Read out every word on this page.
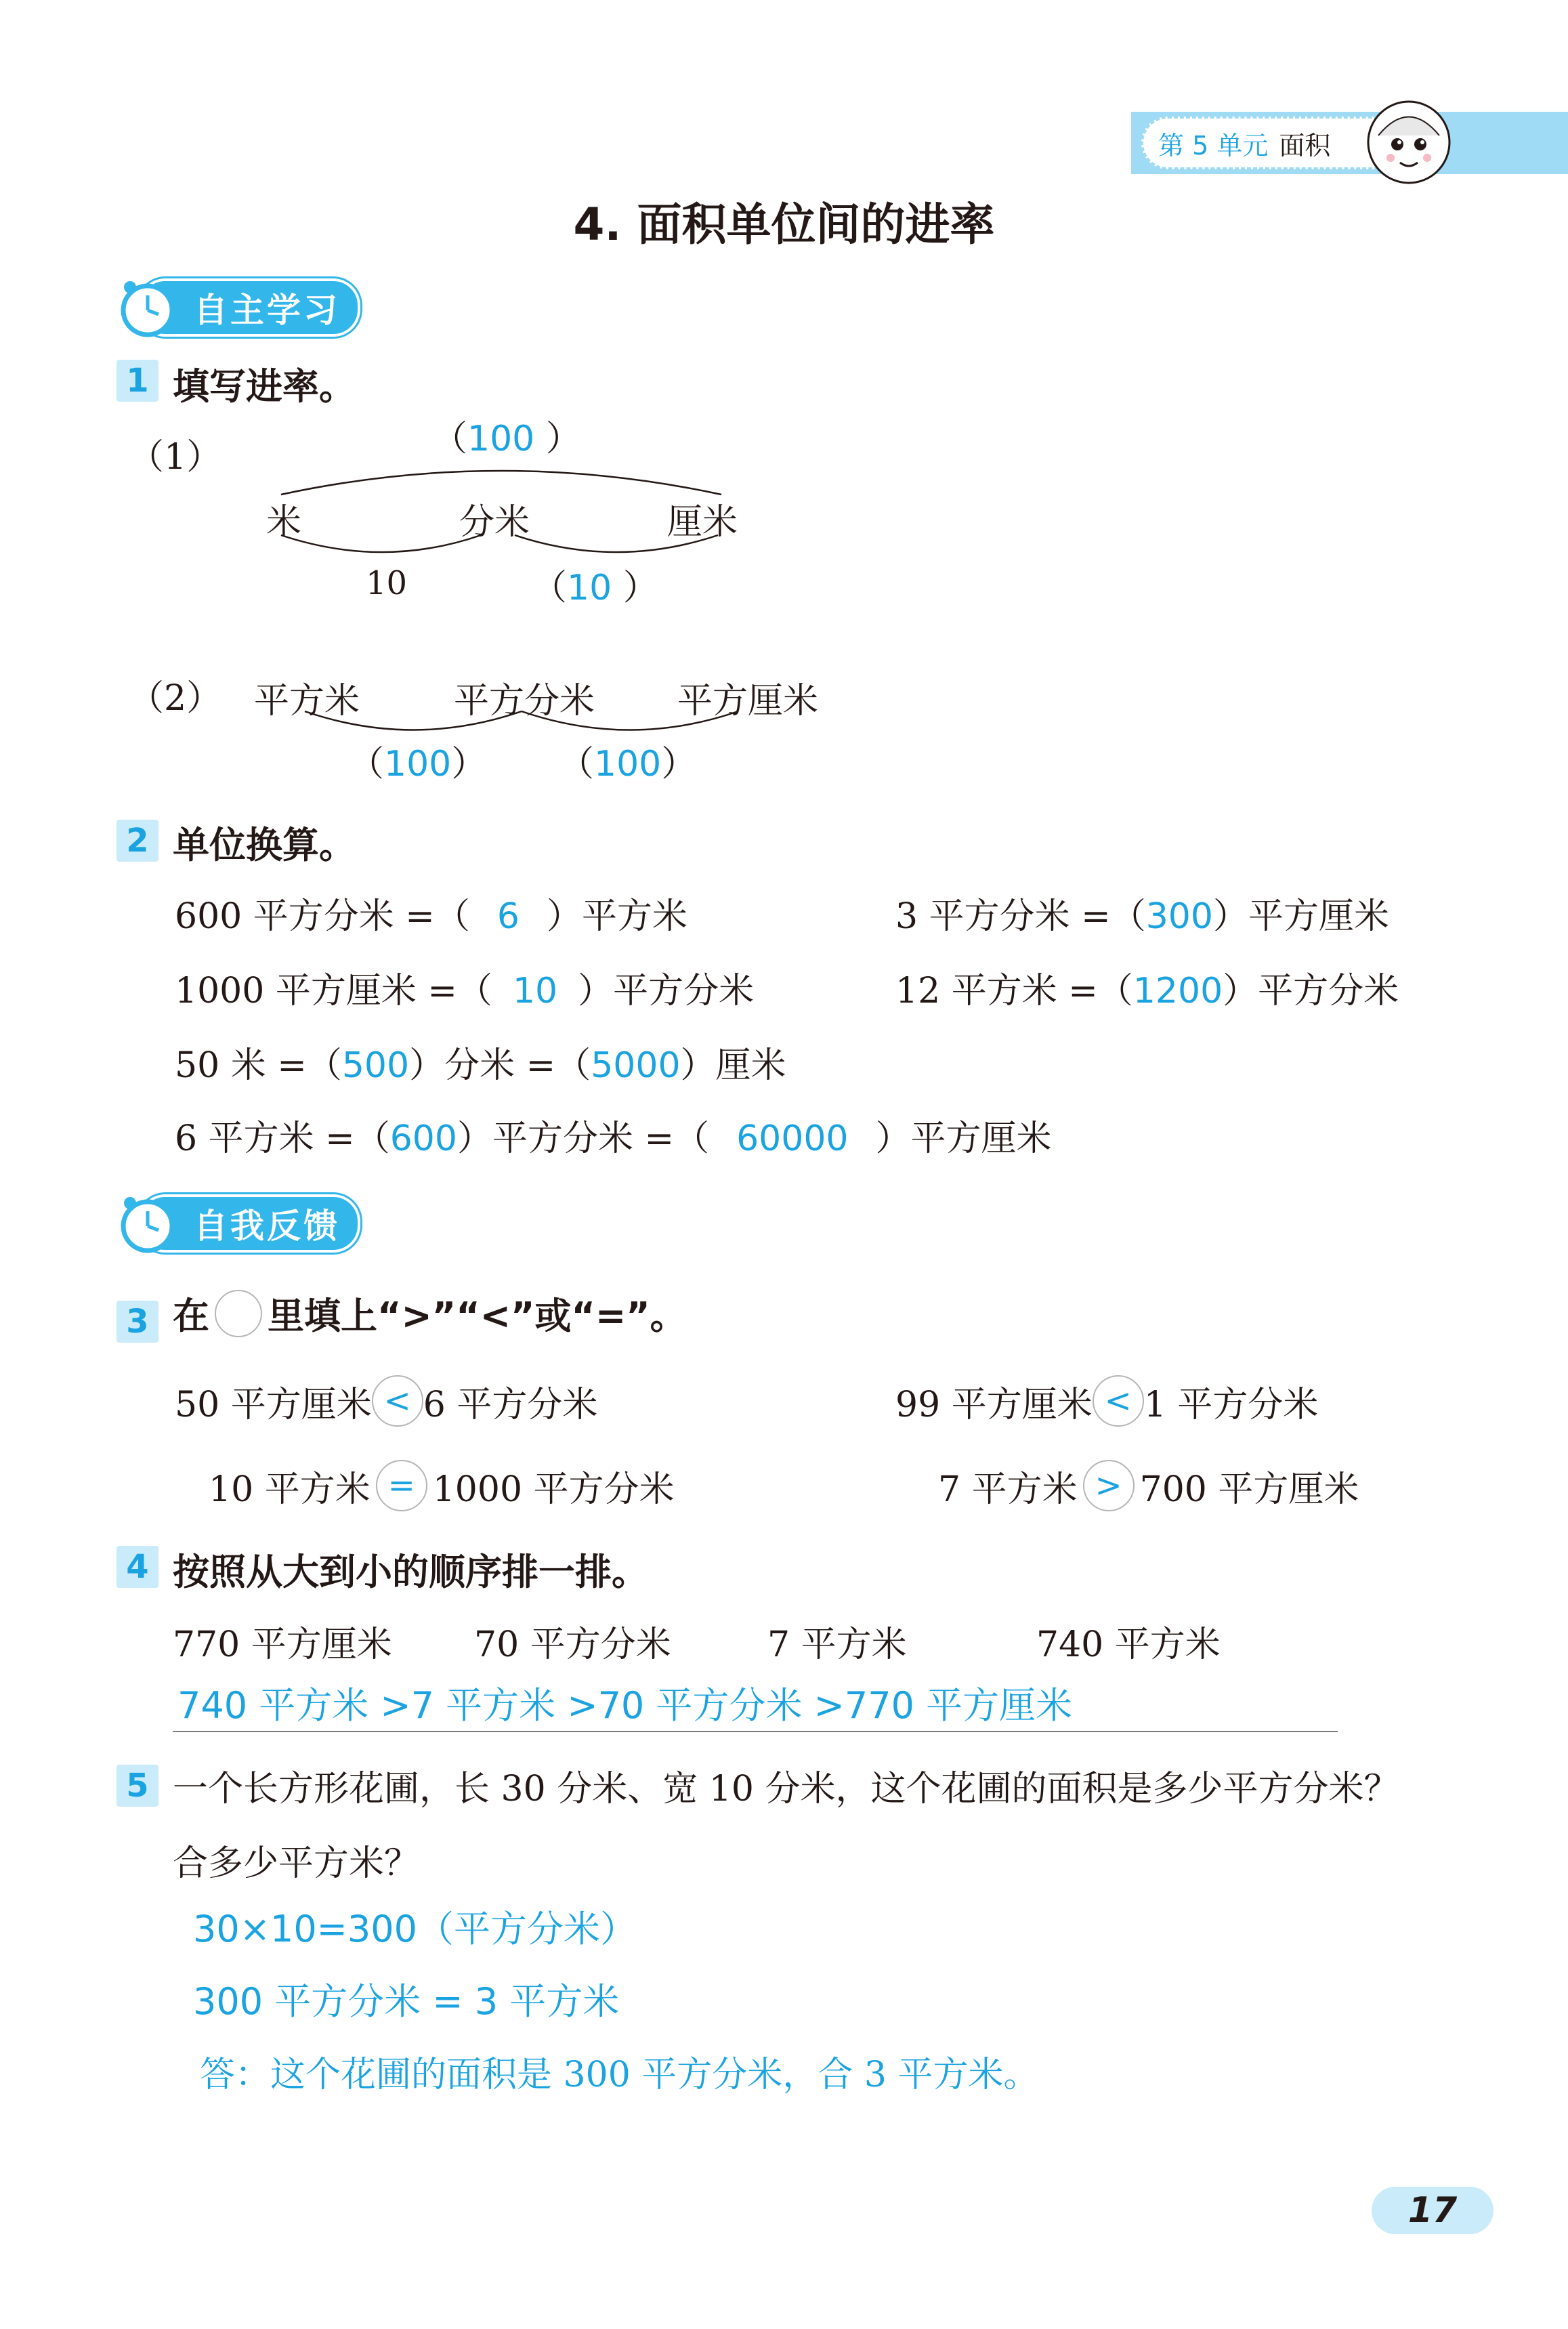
第 5 单元 面积
4. 面积单位间的进率
自主学习
1 填写进率。
（1）	（100 ）
米	分米	厘米
10	（10 ）
（2） 平方米	平方分米 平方厘米
（100） （100）
2 单位换算。
600 平方分米 =（ 6 ）平方米	3 平方分米 =（300）平方厘米
1000 平方厘米 =（ 10 ）平方分米	12 平方米 =（1200）平方分米
50 米 =（500）分米 =（5000）厘米
6 平方米 =（600）平方分米 =（ 60000 ）平方厘米
自我反馈
3 在 里填上“>”“<”或“=”。
50 平方厘米 < 6 平方分米	99 平方厘米 < 1 平方分米
10 平方米 = 1000 平方分米	7 平方米 > 700 平方厘米
4 按照从大到小的顺序排一排。
770 平方厘米 70 平方分米	7 平方米	740 平方米
740 平方米 >7 平方米 >70 平方分米 >770 平方厘米
5 一个长方形花圃，长 30 分米、宽 10 分米，这个花圃的面积是多少平方分米？
合多少平方米？
30×10=300（平方分米）
300 平方分米 = 3 平方米
答：这个花圃的面积是 300 平方分米，合 3 平方米。
17
